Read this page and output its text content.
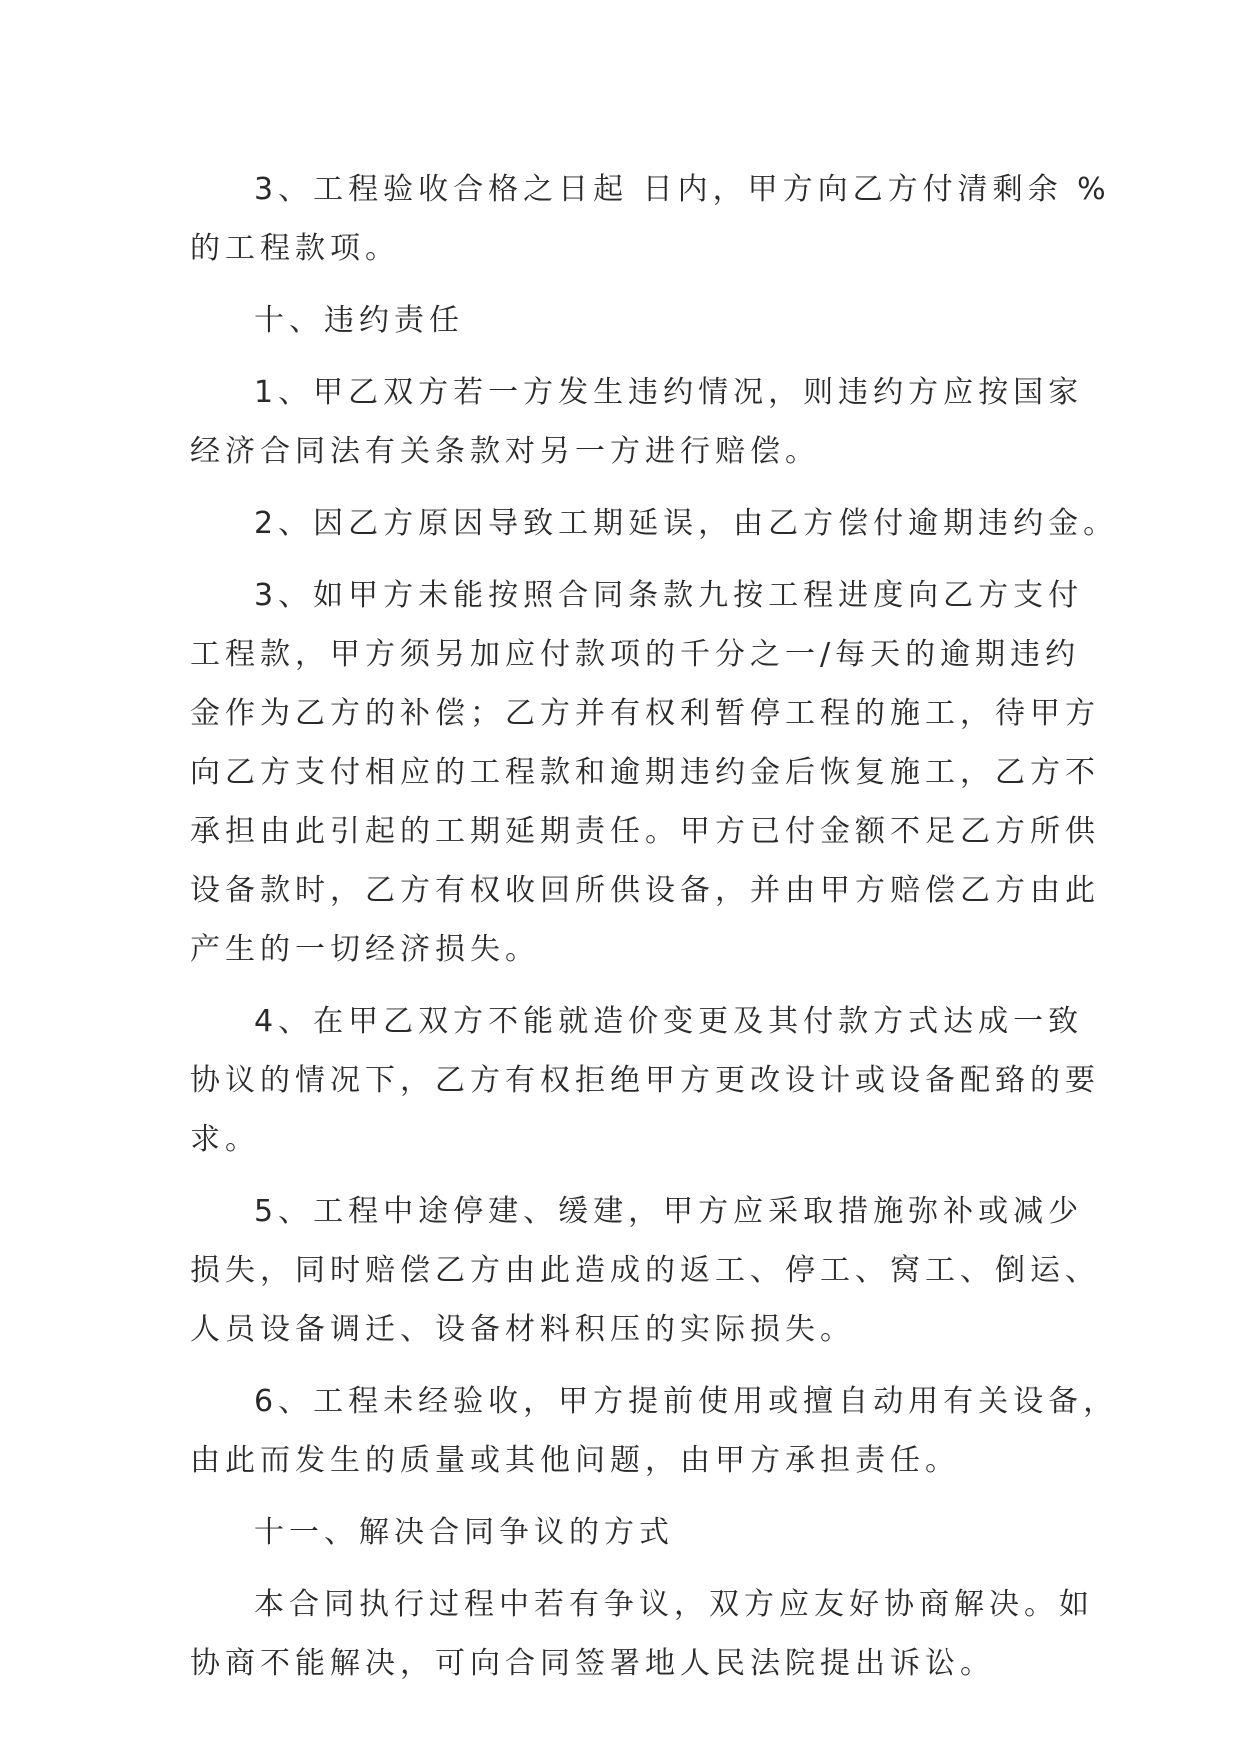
3、工程验收合格之日起 日内，甲方向乙方付清剩余 %
的工程款项。

十、违约责任

1、甲乙双方若一方发生违约情况，则违约方应按国家
经济合同法有关条款对另一方进行赔偿。

2、因乙方原因导致工期延误，由乙方偿付逾期违约金。

3、如甲方未能按照合同条款九按工程进度向乙方支付
工程款，甲方须另加应付款项的千分之一/每天的逾期违约
金作为乙方的补偿；乙方并有权利暂停工程的施工，待甲方
向乙方支付相应的工程款和逾期违约金后恢复施工，乙方不
承担由此引起的工期延期责任。甲方已付金额不足乙方所供
设备款时，乙方有权收回所供设备，并由甲方赔偿乙方由此
产生的一切经济损失。

4、在甲乙双方不能就造价变更及其付款方式达成一致
协议的情况下，乙方有权拒绝甲方更改设计或设备配臵的要
求。

5、工程中途停建、缓建，甲方应采取措施弥补或减少
损失，同时赔偿乙方由此造成的返工、停工、窝工、倒运、
人员设备调迁、设备材料积压的实际损失。

6、工程未经验收，甲方提前使用或擅自动用有关设备，
由此而发生的质量或其他问题，由甲方承担责任。

十一、解决合同争议的方式

本合同执行过程中若有争议，双方应友好协商解决。如
协商不能解决，可向合同签署地人民法院提出诉讼。
